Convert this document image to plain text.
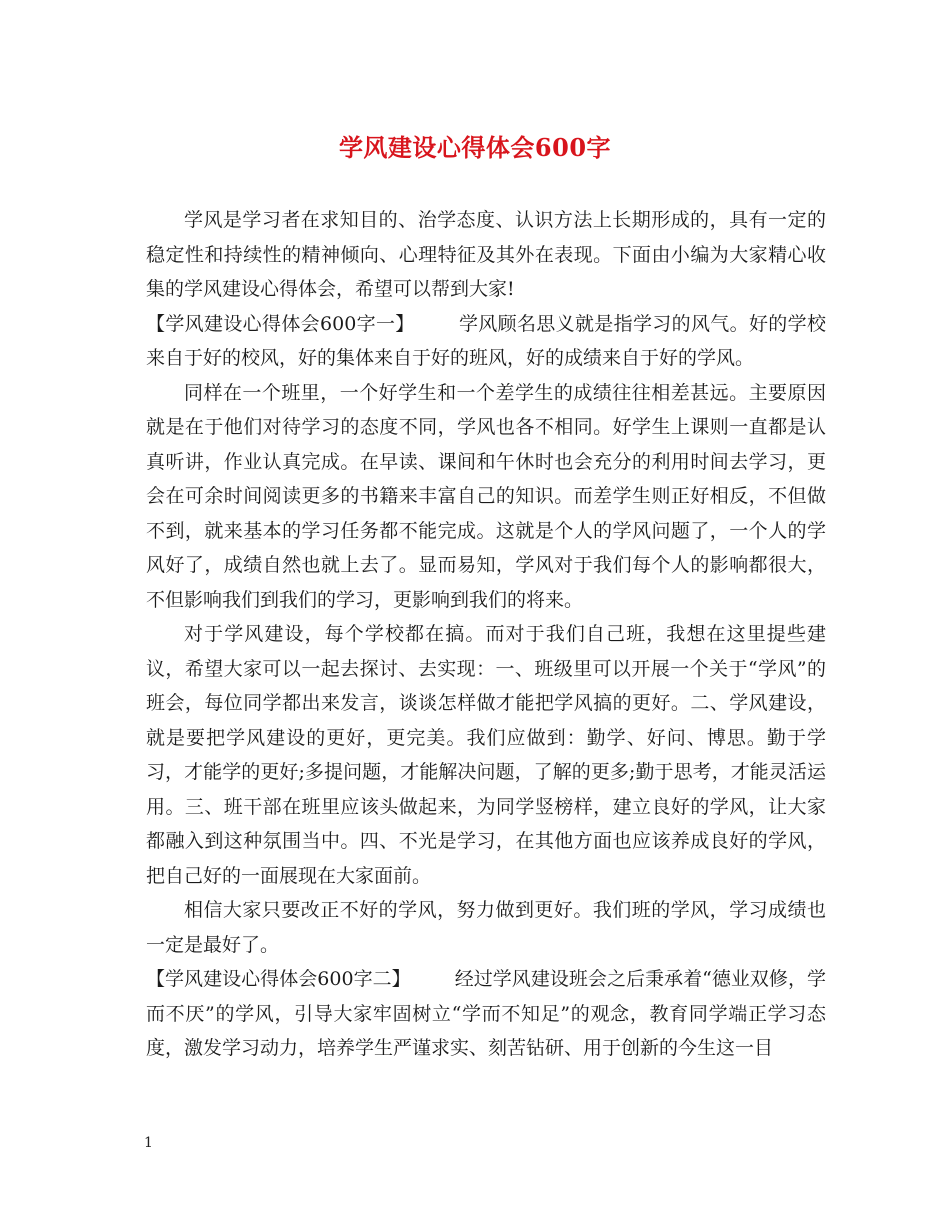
学风建设心得体会600字

学风是学习者在求知目的、治学态度、认识方法上长期形成的，具有一定的稳定性和持续性的精神倾向、心理特征及其外在表现。下面由小编为大家精心收集的学风建设心得体会，希望可以帮到大家!

【学风建设心得体会600字一】 学风顾名思义就是指学习的风气。好的学校来自于好的校风，好的集体来自于好的班风，好的成绩来自于好的学风。

同样在一个班里，一个好学生和一个差学生的成绩往往相差甚远。主要原因就是在于他们对待学习的态度不同，学风也各不相同。好学生上课则一直都是认真听讲，作业认真完成。在早读、课间和午休时也会充分的利用时间去学习，更会在可余时间阅读更多的书籍来丰富自己的知识。而差学生则正好相反，不但做不到，就来基本的学习任务都不能完成。这就是个人的学风问题了，一个人的学风好了，成绩自然也就上去了。显而易知，学风对于我们每个人的影响都很大，不但影响我们到我们的学习，更影响到我们的将来。

对于学风建设，每个学校都在搞。而对于我们自己班，我想在这里提些建议，希望大家可以一起去探讨、去实现：一、班级里可以开展一个关于“学风”的班会，每位同学都出来发言，谈谈怎样做才能把学风搞的更好。二、学风建设，就是要把学风建设的更好，更完美。我们应做到：勤学、好问、博思。勤于学习，才能学的更好;多提问题，才能解决问题，了解的更多;勤于思考，才能灵活运用。三、班干部在班里应该头做起来，为同学竖榜样，建立良好的学风，让大家都融入到这种氛围当中。四、不光是学习，在其他方面也应该养成良好的学风，把自己好的一面展现在大家面前。

相信大家只要改正不好的学风，努力做到更好。我们班的学风，学习成绩也一定是最好了。

【学风建设心得体会600字二】 经过学风建设班会之后秉承着“德业双修，学而不厌”的学风，引导大家牢固树立“学而不知足”的观念，教育同学端正学习态度，激发学习动力，培养学生严谨求实、刻苦钻研、用于创新的今生这一目

1
